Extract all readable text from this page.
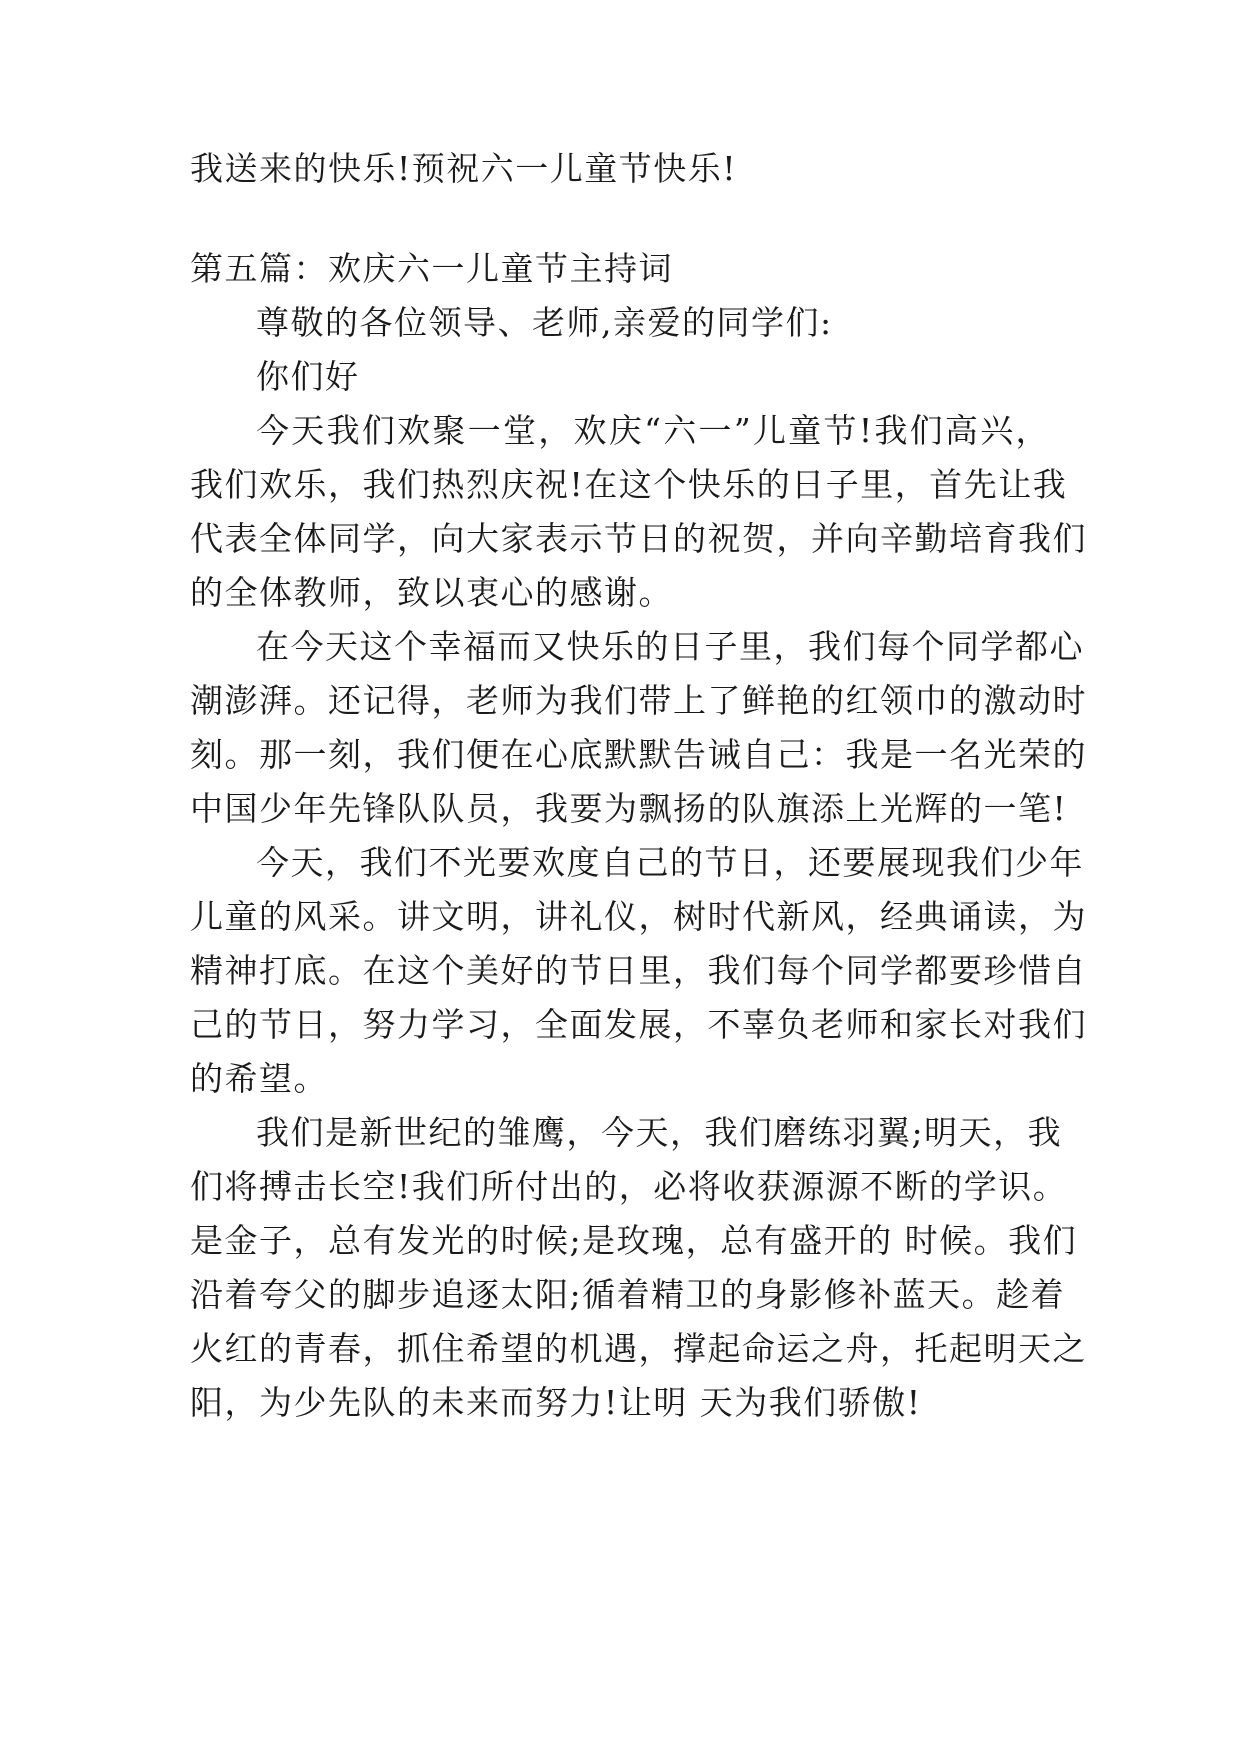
我送来的快乐!预祝六一儿童节快乐!
第五篇：欢庆六一儿童节主持词
尊敬的各位领导、老师,亲爱的同学们:
你们好
今天我们欢聚一堂，欢庆“六一”儿童节!我们高兴，
我们欢乐，我们热烈庆祝!在这个快乐的日子里，首先让我
代表全体同学，向大家表示节日的祝贺，并向辛勤培育我们
的全体教师，致以衷心的感谢。
在今天这个幸福而又快乐的日子里，我们每个同学都心
潮澎湃。还记得，老师为我们带上了鲜艳的红领巾的激动时
刻。那一刻，我们便在心底默默告诫自己：我是一名光荣的
中国少年先锋队队员，我要为飘扬的队旗添上光辉的一笔!
今天，我们不光要欢度自己的节日，还要展现我们少年
儿童的风采。讲文明，讲礼仪，树时代新风，经典诵读，为
精神打底。在这个美好的节日里，我们每个同学都要珍惜自
己的节日，努力学习，全面发展，不辜负老师和家长对我们
的希望。
我们是新世纪的雏鹰，今天，我们磨练羽翼;明天，我
们将搏击长空!我们所付出的，必将收获源源不断的学识。
是金子，总有发光的时候;是玫瑰，总有盛开的 时候。我们
沿着夸父的脚步追逐太阳;循着精卫的身影修补蓝天。趁着
火红的青春，抓住希望的机遇，撑起命运之舟，托起明天之
阳，为少先队的未来而努力!让明 天为我们骄傲!
